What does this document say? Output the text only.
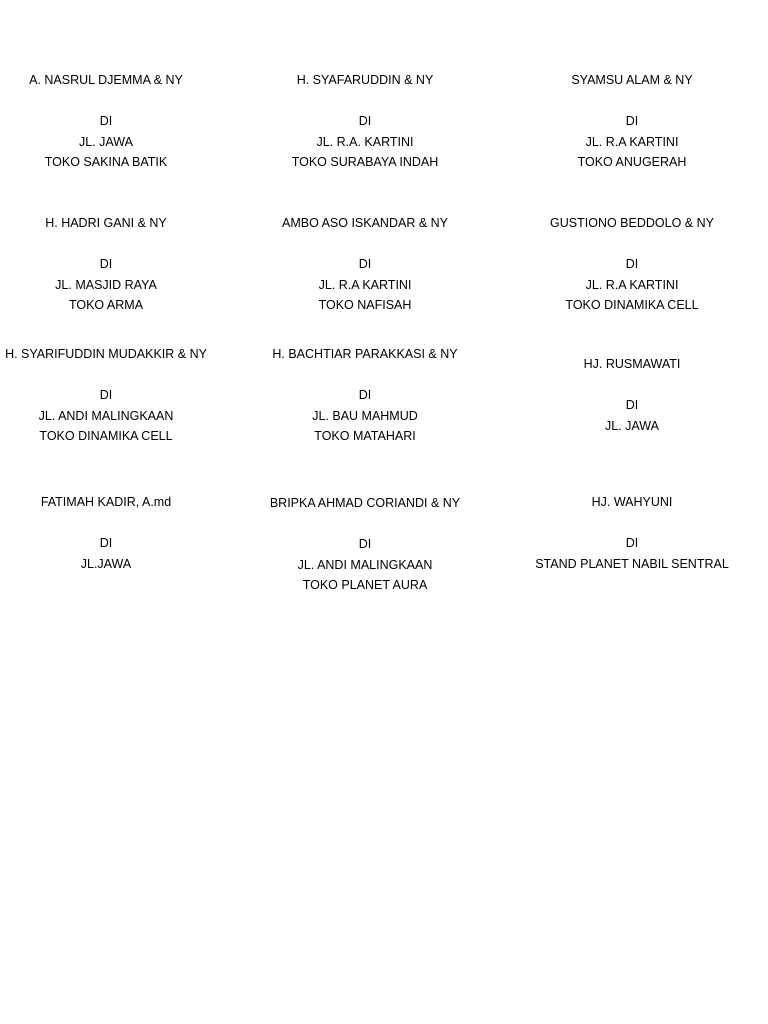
A. NASRUL DJEMMA & NY
DI
JL. JAWA
TOKO SAKINA BATIK
H. SYAFARUDDIN & NY
DI
JL. R.A. KARTINI
TOKO SURABAYA INDAH
SYAMSU ALAM & NY
DI
JL. R.A KARTINI
TOKO ANUGERAH
H. HADRI GANI & NY
DI
JL. MASJID RAYA
TOKO ARMA
AMBO ASO ISKANDAR & NY
DI
JL. R.A KARTINI
TOKO NAFISAH
GUSTIONO BEDDOLO & NY
DI
JL. R.A KARTINI
TOKO DINAMIKA CELL
H. SYARIFUDDIN MUDAKKIR & NY
DI
JL. ANDI MALINGKAAN
TOKO DINAMIKA CELL
H. BACHTIAR PARAKKASI & NY
DI
JL. BAU MAHMUD
TOKO MATAHARI
HJ. RUSMAWATI
DI
JL. JAWA
FATIMAH KADIR, A.md
DI
JL.JAWA
BRIPKA AHMAD CORIANDI & NY
DI
JL. ANDI MALINGKAAN
TOKO PLANET AURA
HJ. WAHYUNI
DI
STAND PLANET NABIL SENTRAL
